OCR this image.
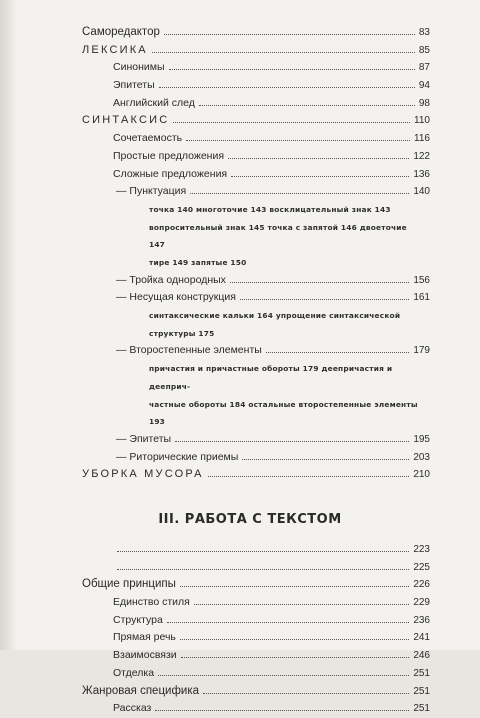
Саморедактор	83
ЛЕКСИКА	85
Синонимы	87
Эпитеты	94
Английский след	98
СИНТАКСИС	110
Сочетаемость	116
Простые предложения	122
Сложные предложения	136
— Пунктуация	140

точка 140 многоточие 143 восклицательный знак 143

вопросительный знак 145 точка с запятой 146 двоеточие 147

тире 149 запятые 150

— Тройка однородных	156
— Несущая конструкция	161

синтаксические кальки 164 упрощение синтаксической

структуры 175

— Второстепенные элементы	179

причастия и причастные обороты 179 деепричастия и дееприч-

частные обороты 184 остальные второстепенные элементы 193

— Эпитеты	195
— Риторические приемы	203
УБОРКА МУСОРА	210
III. РАБОТА С ТЕКСТОМ
223
225
Общие принципы	226
Единство стиля	229
Структура	236
Прямая речь	241
Взаимосвязи	246
Отделка	251
Жанровая специфика	251
Рассказ	251
